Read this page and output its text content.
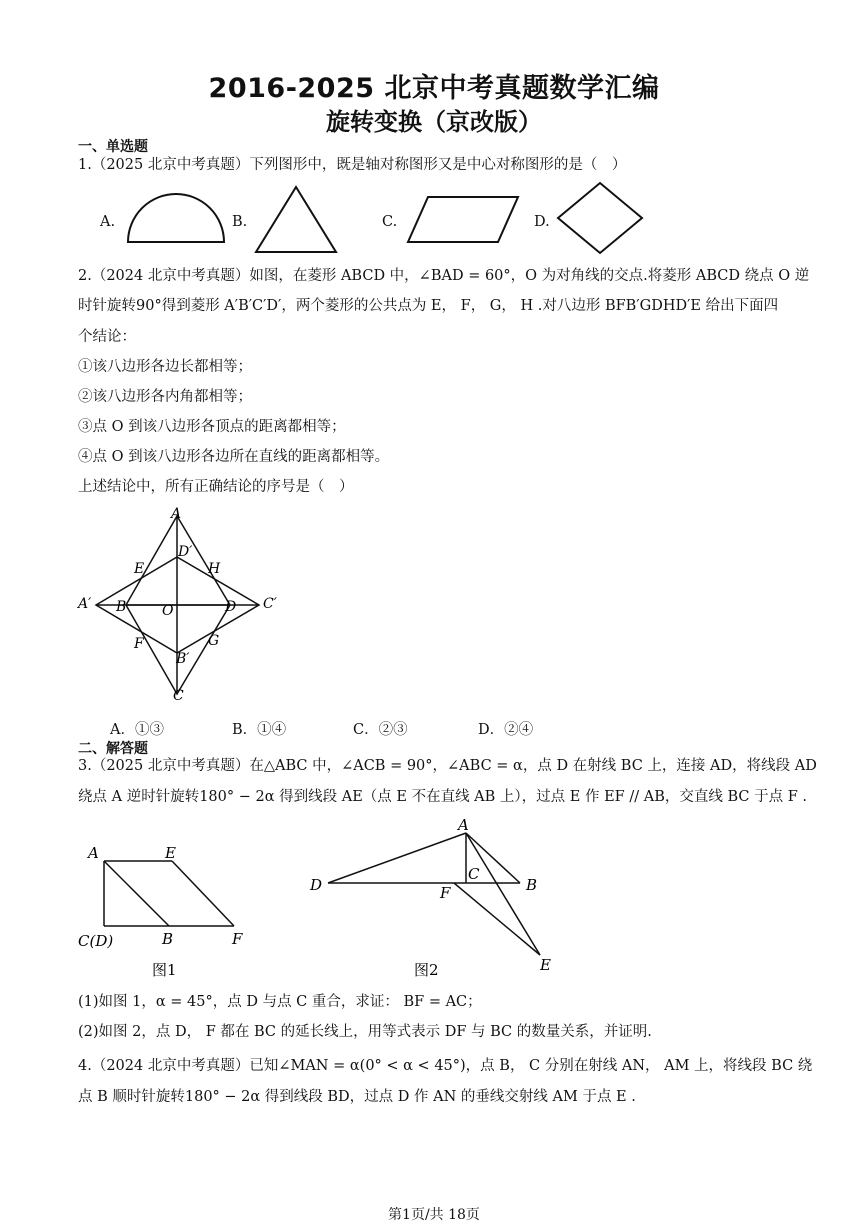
2016-2025 北京中考真题数学汇编
旋转变换（京改版）
一、单选题
1.（2025 北京中考真题）下列图形中，既是轴对称图形又是中心对称图形的是（　）
A.	B.	C.	D.
2.（2024 北京中考真题）如图，在菱形 ABCD 中，∠BAD = 60°，O 为对角线的交点.将菱形 ABCD 绕点 O 逆
时针旋转90°得到菱形 A′B′C′D′，两个菱形的公共点为 E， F， G， H .对八边形 BFB′GDHD′E 给出下面四
个结论：
①该八边形各边长都相等；
②该八边形各内角都相等；
③点 O 到该八边形各顶点的距离都相等；
④点 O 到该八边形各边所在直线的距离都相等。
上述结论中，所有正确结论的序号是（　）
A
D′
E	H
A′ B	O	D C′
F	G
B′
C
A．①③	B．①④	C．②③	D．②④
二、解答题
3.（2025 北京中考真题）在△ABC 中，∠ACB = 90°，∠ABC = α，点 D 在射线 BC 上，连接 AD，将线段 AD
绕点 A 逆时针旋转180° − 2α 得到线段 AE（点 E 不在直线 AB 上），过点 E 作 EF // AB，交直线 BC 于点 F .
A	E
C(D)	B	F
图1
A
D
C
B
F
E
图2
(1)如图 1，α = 45°，点 D 与点 C 重合，求证： BF = AC；
(2)如图 2，点 D， F 都在 BC 的延长线上，用等式表示 DF 与 BC 的数量关系，并证明.
4.（2024 北京中考真题）已知∠MAN = α(0° < α < 45°)，点 B， C 分别在射线 AN， AM 上，将线段 BC 绕
点 B 顺时针旋转180° − 2α 得到线段 BD，过点 D 作 AN 的垂线交射线 AM 于点 E .
第1页/共 18页
